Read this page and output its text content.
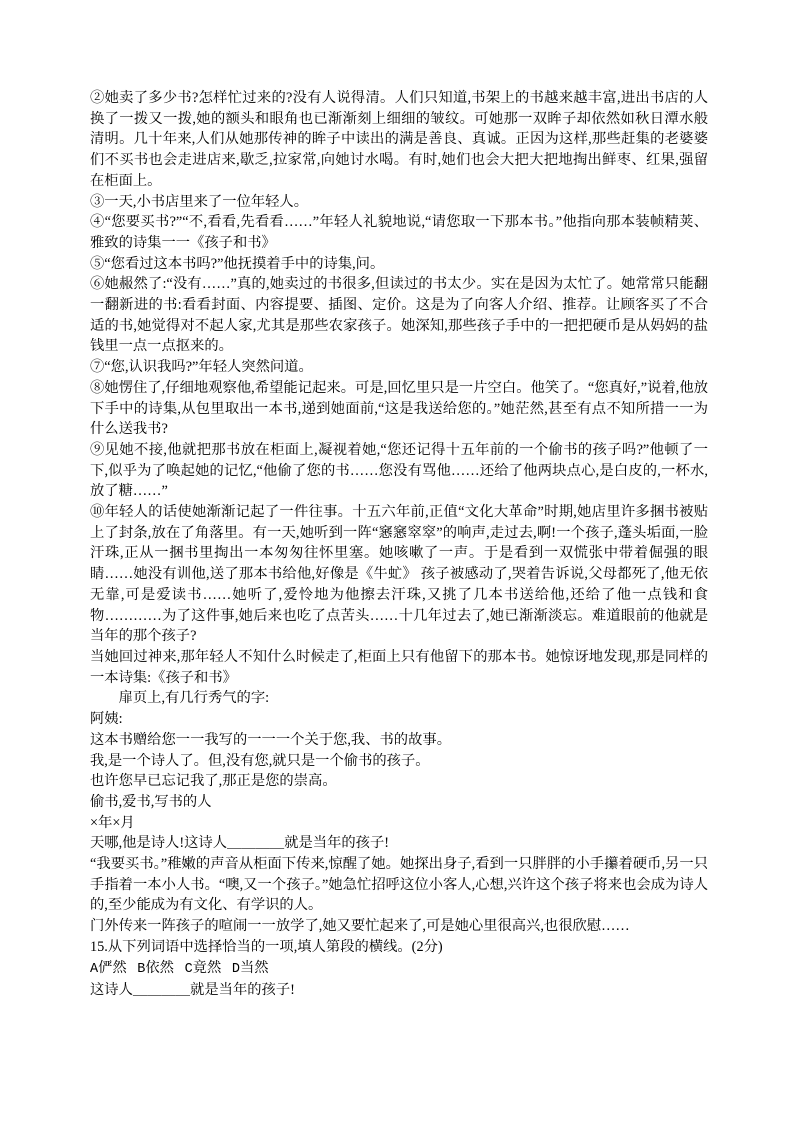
②她卖了多少书?怎样忙过来的?没有人说得清。人们只知道,书架上的书越来越丰富,进出书店的人换了一拨又一拨,她的额头和眼角也已渐渐刻上细细的皱纹。可她那一双眸子却依然如秋日潭水般清明。几十年来,人们从她那传神的眸子中读出的满是善良、真诚。正因为这样,那些赶集的老婆婆们不买书也会走进店来,歇乏,拉家常,向她讨水喝。有时,她们也会大把大把地掏出鲜枣、红果,强留在柜面上。

③一天,小书店里来了一位年轻人。

④“您要买书?”“不,看看,先看看……”年轻人礼貌地说,“请您取一下那本书。”他指向那本装帧精荚、雅致的诗集一一《孩子和书》

⑤“您看过这本书吗?”他抚摸着手中的诗集,问。

⑥她赧然了:“没有……”真的,她卖过的书很多,但读过的书太少。实在是因为太忙了。她常常只能翻一翻新进的书:看看封面、内容提要、插图、定价。这是为了向客人介绍、推荐。让顾客买了不合适的书,她觉得对不起人家,尤其是那些农家孩子。她深知,那些孩子手中的一把把硬币是从妈妈的盐钱里一点一点抠来的。

⑦“您,认识我吗?”年轻人突然问道。

⑧她愣住了,仔细地观察他,希望能记起来。可是,回忆里只是一片空白。他笑了。“您真好,”说着,他放下手中的诗集,从包里取出一本书,递到她面前,“这是我送给您的。”她茫然,甚至有点不知所措一一为什么送我书?

⑨见她不接,他就把那书放在柜面上,凝视着她,“您还记得十五年前的一个偷书的孩子吗?”他顿了一下,似乎为了唤起她的记忆,“他偷了您的书……您没有骂他……还给了他两块点心,是白皮的,一杯水,放了糖……”

⑩年轻人的话使她渐渐记起了一件往事。十五六年前,正值“文化大革命”时期,她店里许多捆书被贴上了封条,放在了角落里。有一天,她听到一阵“窸窸窣窣”的响声,走过去,啊!一个孩子,蓬头垢面,一脸汗珠,正从一捆书里掏出一本匆匆往怀里塞。她咳嗽了一声。于是看到一双慌张中带着倔强的眼睛……她没有训他,送了那本书给他,好像是《牛虻》 孩子被感动了,哭着告诉说,父母都死了,他无依无靠,可是爱读书……她听了,爱怜地为他擦去汗珠,又挑了几本书送给他,还给了他一点钱和食物…………为了这件事,她后来也吃了点苦头……十几年过去了,她已渐渐淡忘。难道眼前的他就是当年的那个孩子?

当她回过神来,那年轻人不知什么时候走了,柜面上只有他留下的那本书。她惊讶地发现,那是同样的一本诗集:《孩子和书》

扉页上,有几行秀气的字:

阿姨:

这本书赠给您一一我写的一一一个关于您,我、书的故事。

我,是一个诗人了。但,没有您,就只是一个偷书的孩子。

也许您早已忘记我了,那正是您的崇高。

偷书,爱书,写书的人

×年×月

天哪,他是诗人!这诗人＿＿＿＿就是当年的孩子!

“我要买书。”稚嫩的声音从柜面下传来,惊醒了她。她探出身子,看到一只胖胖的小手攥着硬币,另一只手指着一本小人书。“噢,又一个孩子。”她急忙招呼这位小客人,心想,兴许这个孩子将来也会成为诗人的,至少能成为有文化、有学识的人。

门外传来一阵孩子的喧闹一一放学了,她又要忙起来了,可是她心里很高兴,也很欣慰……

15.从下列词语中选择恰当的一项,填人第段的横线。(2分)

A俨然 B依然 C竟然 D当然

这诗人＿＿＿＿就是当年的孩子!
